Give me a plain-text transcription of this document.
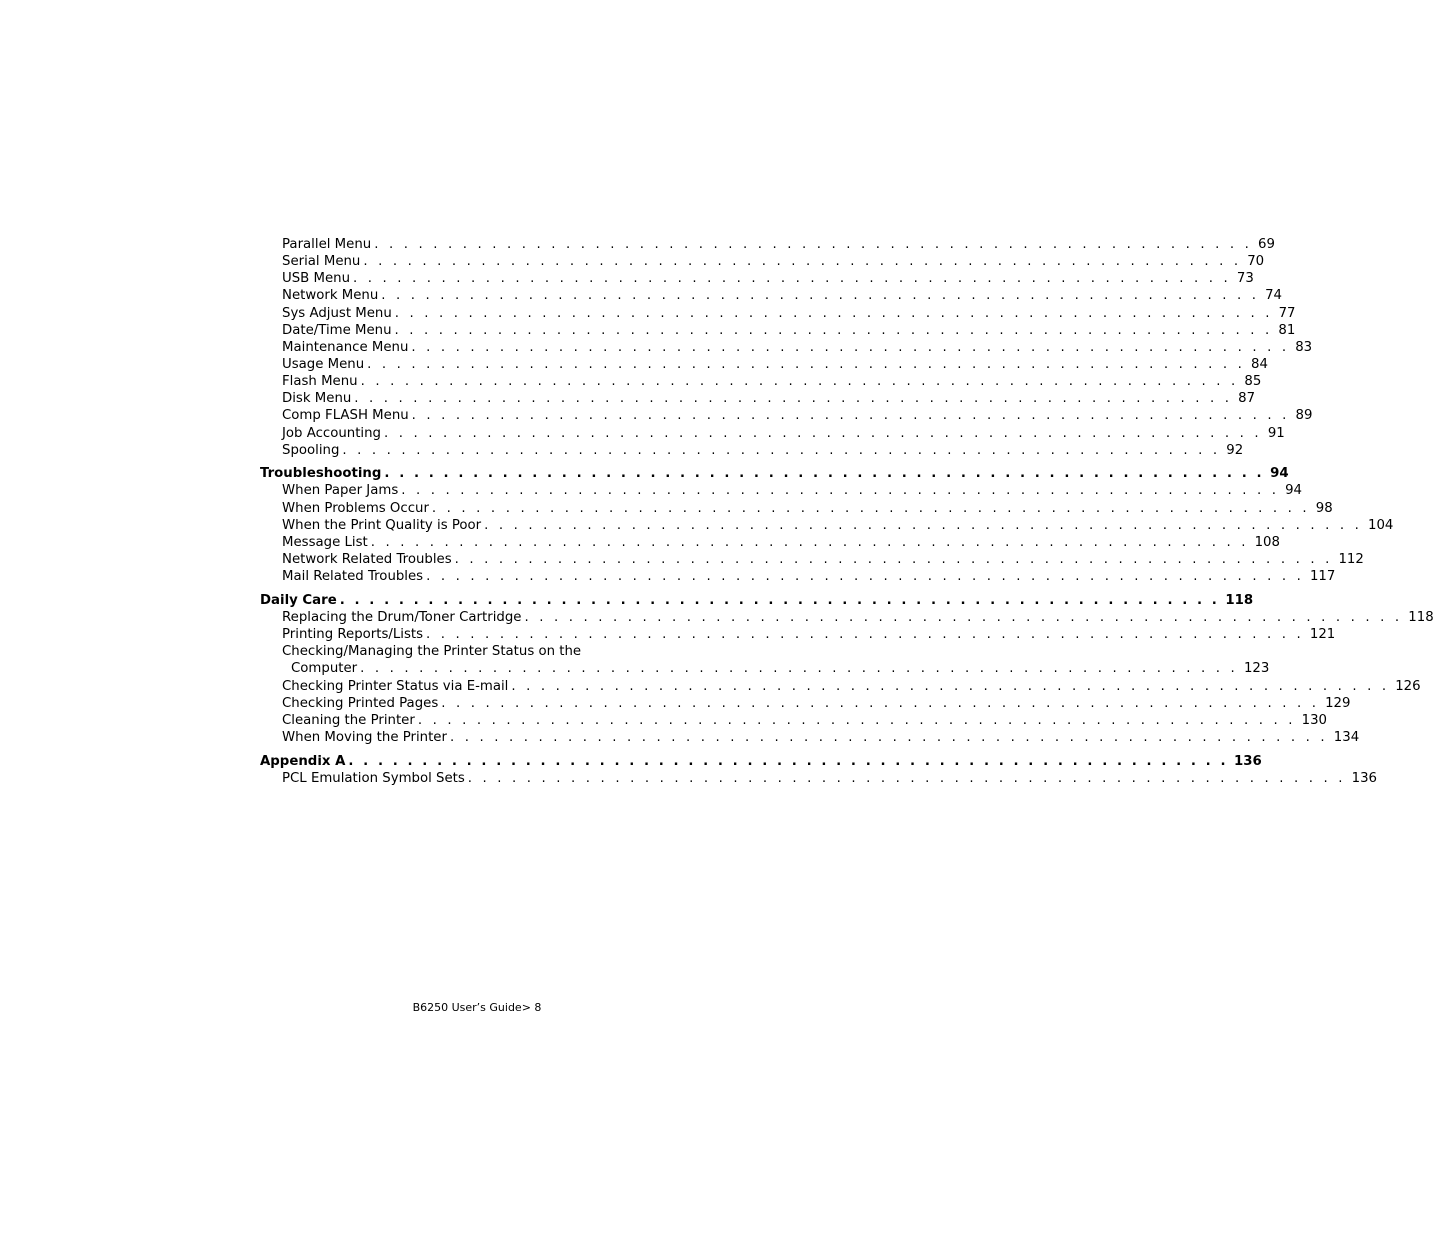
Parallel Menu . . . . . . . . . . . . . . . . . . . . . . . . . . . . . . . . . . . . . . . . . . . . . . . . . . . . . . . . . . . . 69
Serial Menu . . . . . . . . . . . . . . . . . . . . . . . . . . . . . . . . . . . . . . . . . . . . . . . . . . . . . . . . . . . . 70
USB Menu . . . . . . . . . . . . . . . . . . . . . . . . . . . . . . . . . . . . . . . . . . . . . . . . . . . . . . . . . . . . 73
Network Menu . . . . . . . . . . . . . . . . . . . . . . . . . . . . . . . . . . . . . . . . . . . . . . . . . . . . . . . . . . . . 74
Sys Adjust Menu . . . . . . . . . . . . . . . . . . . . . . . . . . . . . . . . . . . . . . . . . . . . . . . . . . . . . . . . . . . . 77
Date/Time Menu . . . . . . . . . . . . . . . . . . . . . . . . . . . . . . . . . . . . . . . . . . . . . . . . . . . . . . . . . . . . 81
Maintenance Menu . . . . . . . . . . . . . . . . . . . . . . . . . . . . . . . . . . . . . . . . . . . . . . . . . . . . . . . . . . . . 83
Usage Menu . . . . . . . . . . . . . . . . . . . . . . . . . . . . . . . . . . . . . . . . . . . . . . . . . . . . . . . . . . . . 84
Flash Menu . . . . . . . . . . . . . . . . . . . . . . . . . . . . . . . . . . . . . . . . . . . . . . . . . . . . . . . . . . . . 85
Disk Menu . . . . . . . . . . . . . . . . . . . . . . . . . . . . . . . . . . . . . . . . . . . . . . . . . . . . . . . . . . . . 87
Comp FLASH Menu . . . . . . . . . . . . . . . . . . . . . . . . . . . . . . . . . . . . . . . . . . . . . . . . . . . . . . . . . . . . 89
Job Accounting . . . . . . . . . . . . . . . . . . . . . . . . . . . . . . . . . . . . . . . . . . . . . . . . . . . . . . . . . . . . 91
Spooling . . . . . . . . . . . . . . . . . . . . . . . . . . . . . . . . . . . . . . . . . . . . . . . . . . . . . . . . . . . . 92
Troubleshooting . . . . . . . . . . . . . . . . . . . . . . . . . . . . . . . . . . . . . . . . . . . . . . . . . . . . . . . . . . . . 94
When Paper Jams . . . . . . . . . . . . . . . . . . . . . . . . . . . . . . . . . . . . . . . . . . . . . . . . . . . . . . . . . . . . 94
When Problems Occur . . . . . . . . . . . . . . . . . . . . . . . . . . . . . . . . . . . . . . . . . . . . . . . . . . . . . . . . . . . . 98
When the Print Quality is Poor . . . . . . . . . . . . . . . . . . . . . . . . . . . . . . . . . . . . . . . . . . . . . . . . . . . . . . . . . . . . 104
Message List . . . . . . . . . . . . . . . . . . . . . . . . . . . . . . . . . . . . . . . . . . . . . . . . . . . . . . . . . . . . 108
Network Related Troubles . . . . . . . . . . . . . . . . . . . . . . . . . . . . . . . . . . . . . . . . . . . . . . . . . . . . . . . . . . . . 112
Mail Related Troubles . . . . . . . . . . . . . . . . . . . . . . . . . . . . . . . . . . . . . . . . . . . . . . . . . . . . . . . . . . . . 117
Daily Care . . . . . . . . . . . . . . . . . . . . . . . . . . . . . . . . . . . . . . . . . . . . . . . . . . . . . . . . . . . . 118
Replacing the Drum/Toner Cartridge . . . . . . . . . . . . . . . . . . . . . . . . . . . . . . . . . . . . . . . . . . . . . . . . . . . . . . . . . . . . 118
Printing Reports/Lists . . . . . . . . . . . . . . . . . . . . . . . . . . . . . . . . . . . . . . . . . . . . . . . . . . . . . . . . . . . . 121
Checking/Managing the Printer Status on the
Computer . . . . . . . . . . . . . . . . . . . . . . . . . . . . . . . . . . . . . . . . . . . . . . . . . . . . . . . . . . . . 123
Checking Printer Status via E-mail . . . . . . . . . . . . . . . . . . . . . . . . . . . . . . . . . . . . . . . . . . . . . . . . . . . . . . . . . . . . 126
Checking Printed Pages . . . . . . . . . . . . . . . . . . . . . . . . . . . . . . . . . . . . . . . . . . . . . . . . . . . . . . . . . . . . 129
Cleaning the Printer . . . . . . . . . . . . . . . . . . . . . . . . . . . . . . . . . . . . . . . . . . . . . . . . . . . . . . . . . . . . 130
When Moving the Printer . . . . . . . . . . . . . . . . . . . . . . . . . . . . . . . . . . . . . . . . . . . . . . . . . . . . . . . . . . . . 134
Appendix A . . . . . . . . . . . . . . . . . . . . . . . . . . . . . . . . . . . . . . . . . . . . . . . . . . . . . . . . . . . . 136
PCL Emulation Symbol Sets . . . . . . . . . . . . . . . . . . . . . . . . . . . . . . . . . . . . . . . . . . . . . . . . . . . . . . . . . . . . 136
B6250 User’s Guide> 8
